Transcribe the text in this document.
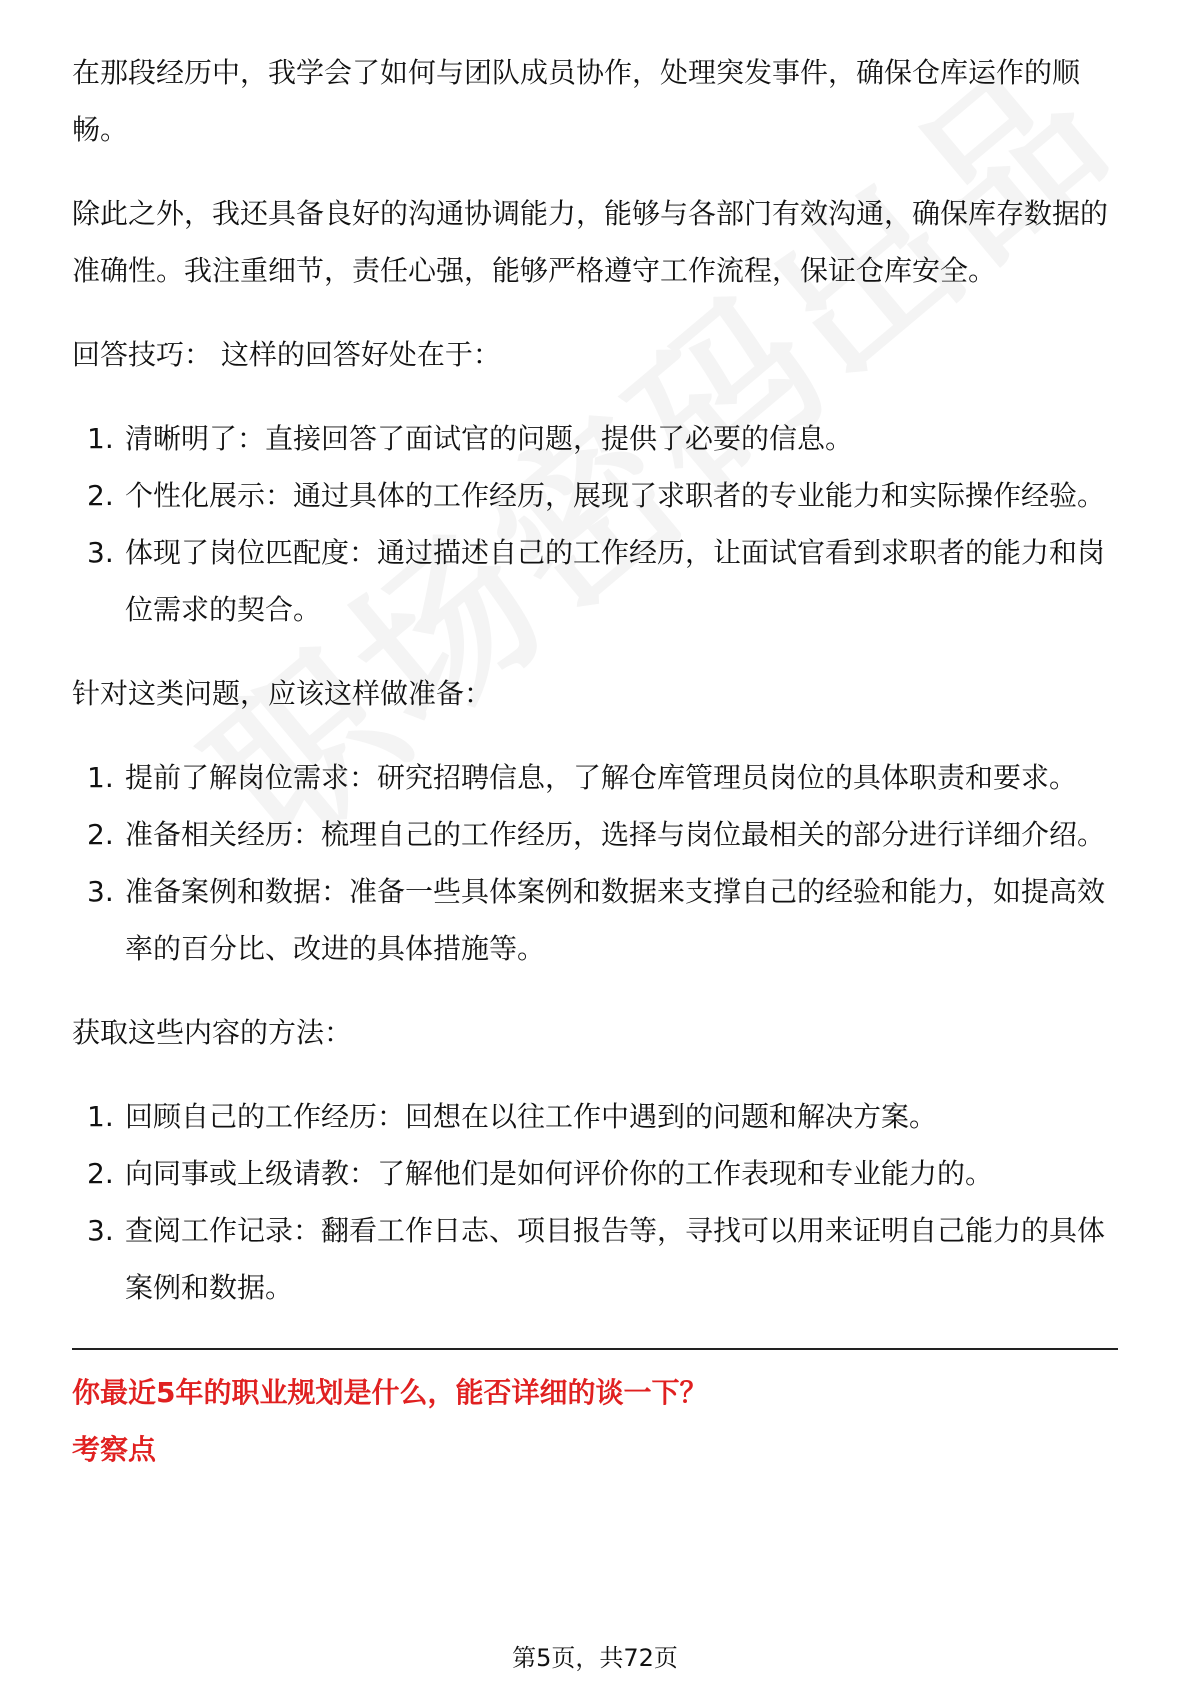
在那段经历中，我学会了如何与团队成员协作，处理突发事件，确保仓库运作的顺畅。

除此之外，我还具备良好的沟通协调能力，能够与各部门有效沟通，确保库存数据的准确性。我注重细节，责任心强，能够严格遵守工作流程，保证仓库安全。

回答技巧： 这样的回答好处在于：

1. 清晰明了：直接回答了面试官的问题，提供了必要的信息。
2. 个性化展示：通过具体的工作经历，展现了求职者的专业能力和实际操作经验。
3. 体现了岗位匹配度：通过描述自己的工作经历，让面试官看到求职者的能力和岗位需求的契合。

针对这类问题，应该这样做准备：

1. 提前了解岗位需求：研究招聘信息，了解仓库管理员岗位的具体职责和要求。
2. 准备相关经历：梳理自己的工作经历，选择与岗位最相关的部分进行详细介绍。
3. 准备案例和数据：准备一些具体案例和数据来支撑自己的经验和能力，如提高效率的百分比、改进的具体措施等。

获取这些内容的方法：

1. 回顾自己的工作经历：回想在以往工作中遇到的问题和解决方案。
2. 向同事或上级请教：了解他们是如何评价你的工作表现和专业能力的。
3. 查阅工作记录：翻看工作日志、项目报告等，寻找可以用来证明自己能力的具体案例和数据。
你最近5年的职业规划是什么，能否详细的谈一下？
考察点
第5页，共72页
